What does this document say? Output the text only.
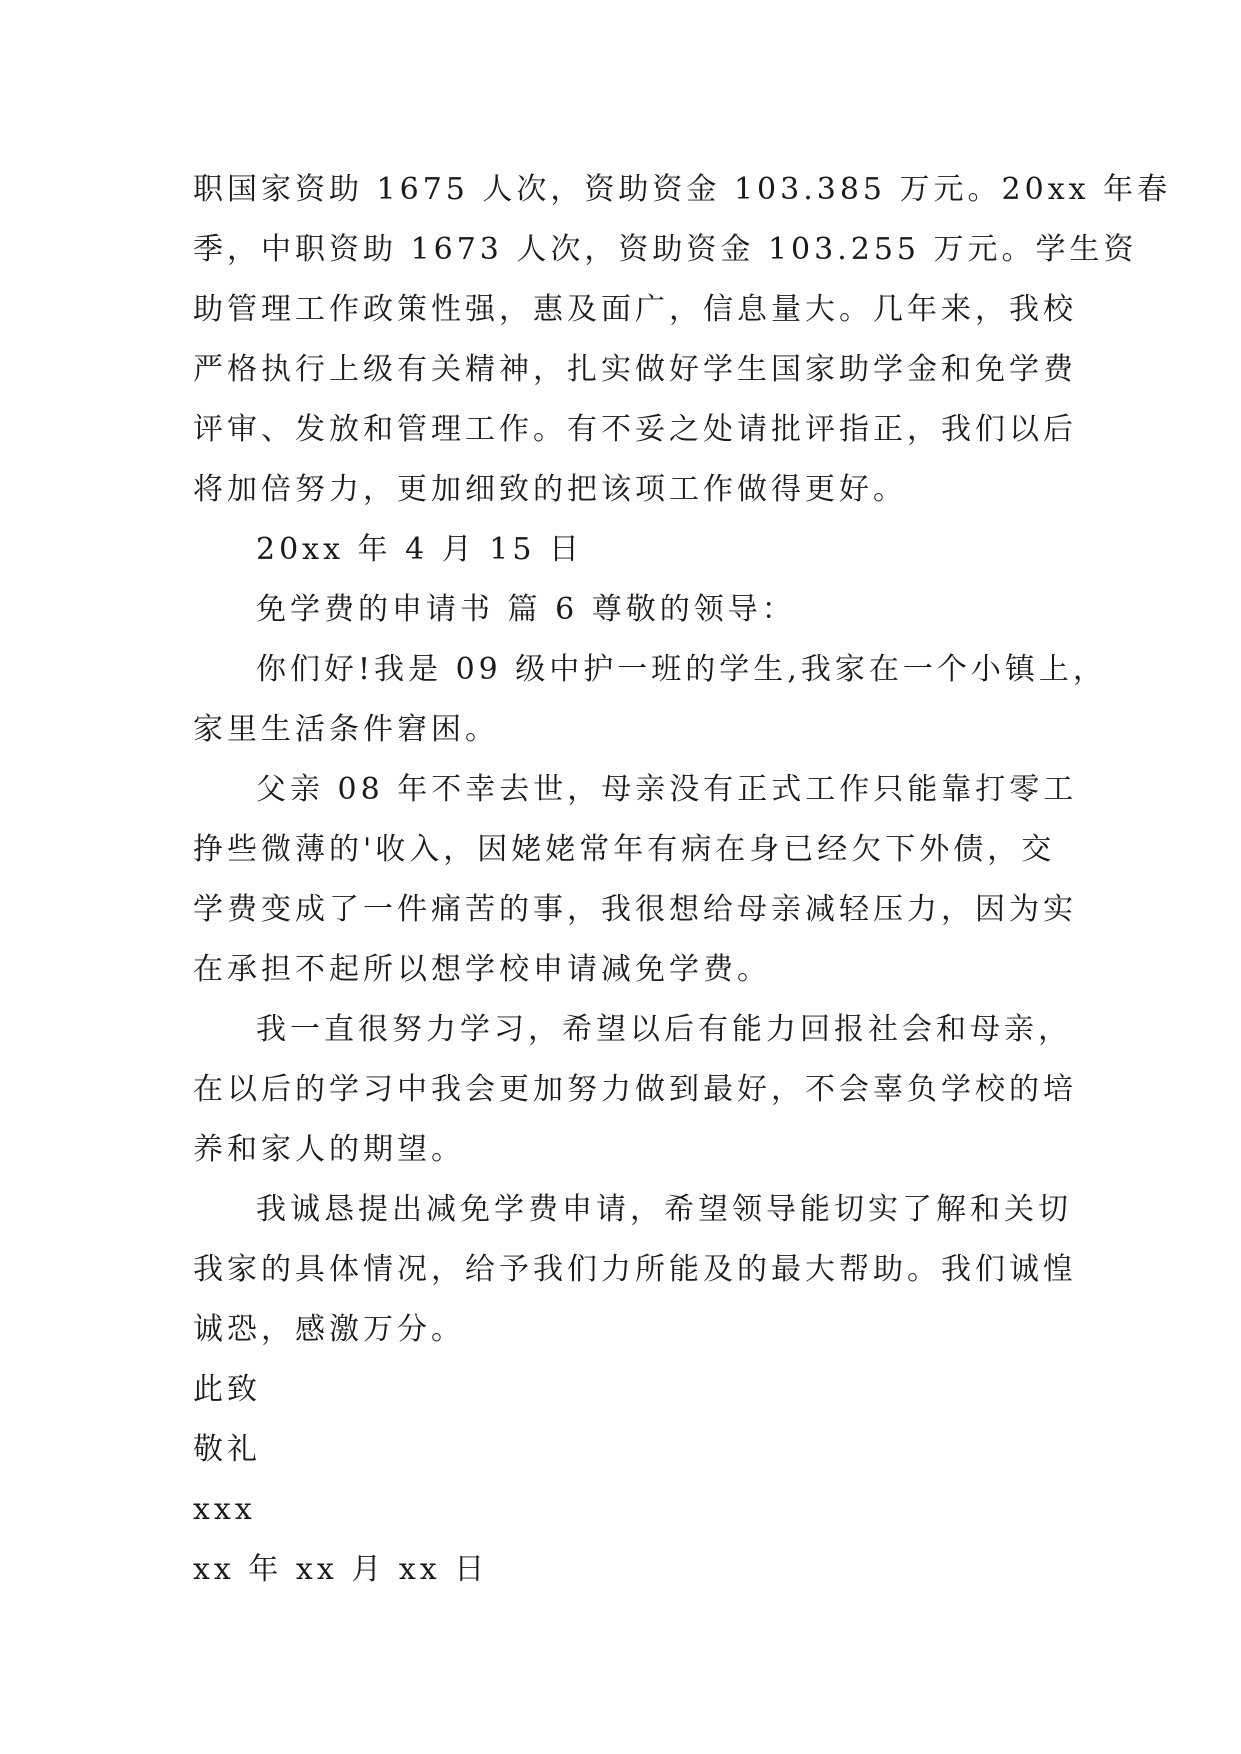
职国家资助 1675 人次，资助资金 103.385 万元。20xx 年春
季，中职资助 1673 人次，资助资金 103.255 万元。学生资
助管理工作政策性强，惠及面广，信息量大。几年来，我校
严格执行上级有关精神，扎实做好学生国家助学金和免学费
评审、发放和管理工作。有不妥之处请批评指正，我们以后
将加倍努力，更加细致的把该项工作做得更好。
20xx 年 4 月 15 日
免学费的申请书 篇 6 尊敬的领导：
你们好!我是 09 级中护一班的学生,我家在一个小镇上，
家里生活条件窘困。
父亲 08 年不幸去世，母亲没有正式工作只能靠打零工
挣些微薄的'收入，因姥姥常年有病在身已经欠下外债，交
学费变成了一件痛苦的事，我很想给母亲减轻压力，因为实
在承担不起所以想学校申请减免学费。
我一直很努力学习，希望以后有能力回报社会和母亲，
在以后的学习中我会更加努力做到最好，不会辜负学校的培
养和家人的期望。
我诚恳提出减免学费申请，希望领导能切实了解和关切
我家的具体情况，给予我们力所能及的最大帮助。我们诚惶
诚恐，感激万分。
此致
敬礼
xxx
xx 年 xx 月 xx 日
